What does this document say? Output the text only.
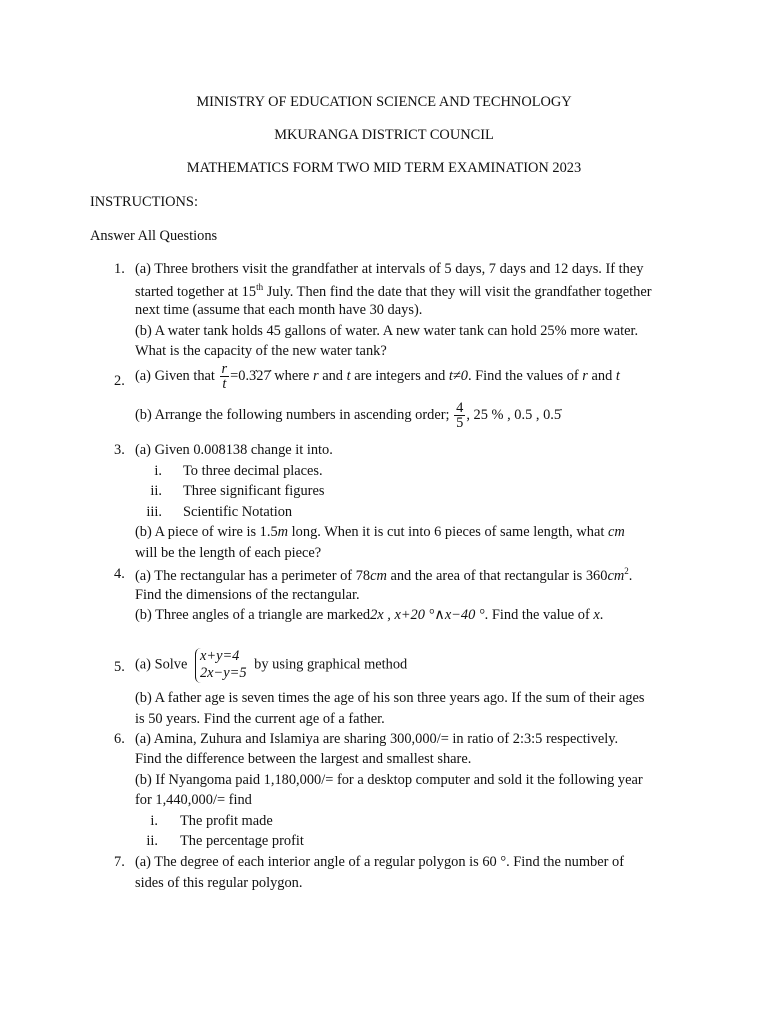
MINISTRY OF EDUCATION SCIENCE AND TECHNOLOGY
MKURANGA DISTRICT COUNCIL
MATHEMATICS FORM TWO MID TERM EXAMINATION 2023
INSTRUCTIONS:
Answer All Questions
1. (a) Three brothers visit the grandfather at intervals of 5 days, 7 days and 12 days. If they
started together at 15th July. Then find the date that they will visit the grandfather together
next time (assume that each month have 30 days).
(b) A water tank holds 45 gallons of water. A new water tank can hold 25% more water.
What is the capacity of the new water tank?
2. (a) Given that $\frac{r}{t}$ =0.3̇27̇ where r and t are integers and t≠0. Find the values of r and t
(b) Arrange the following numbers in ascending order; $\frac{4}{5}$ , 25 % , 0.5 , 0.5̇
3. (a) Given 0.008138 change it into.
i. To three decimal places.
ii. Three significant figures
iii. Scientific Notation
(b) A piece of wire is 1.5m long. When it is cut into 6 pieces of same length, what cm
will be the length of each piece?
4. (a) The rectangular has a perimeter of 78cm and the area of that rectangular is $360cm^2$.
Find the dimensions of the rectangular.
(b) Three angles of a triangle are marked2x , x+20 °∧x−40 °. Find the value of x.
5. (a) Solve
x+y=4
2x−y=5
by using graphical method
(b) A father age is seven times the age of his son three years ago. If the sum of their ages
is 50 years. Find the current age of a father.
6. (a) Amina, Zuhura and Islamiya are sharing 300,000/= in ratio of 2:3:5 respectively.
Find the difference between the largest and smallest share.
(b) If Nyangoma paid 1,180,000/= for a desktop computer and sold it the following year
for 1,440,000/= find
i. The profit made
ii. The percentage profit
7. (a) The degree of each interior angle of a regular polygon is 60 °. Find the number of
sides of this regular polygon.
